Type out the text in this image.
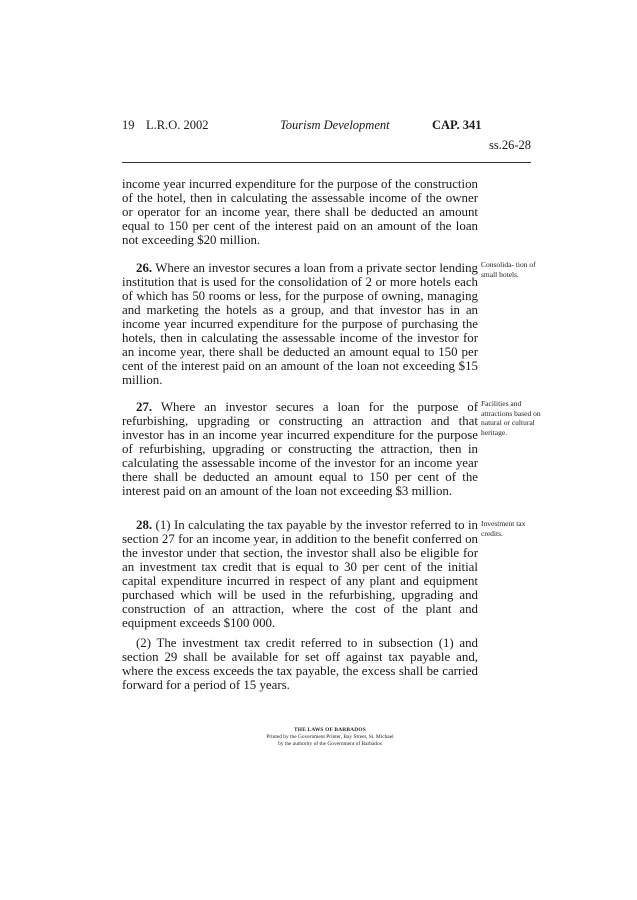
19 L.R.O. 2002	Tourism Development	CAP. 341
ss.26-28

income year incurred expenditure for the purpose of the construction of the hotel, then in calculating the assessable income of the owner or operator for an income year, there shall be deducted an amount equal to 150 per cent of the interest paid on an amount of the loan not exceeding $20 million.

26. Where an investor secures a loan from a private sector lending institution that is used for the consolidation of 2 or more hotels each of which has 50 rooms or less, for the purpose of owning, managing and marketing the hotels as a group, and that investor has in an income year incurred expenditure for the purpose of purchasing the hotels, then in calculating the assessable income of the investor for an income year, there shall be deducted an amount equal to 150 per cent of the interest paid on an amount of the loan not exceeding $15 million.

Consolida- tion of small hotels.

27. Where an investor secures a loan for the purpose of refurbishing, upgrading or constructing an attraction and that investor has in an income year incurred expenditure for the purpose of refurbishing, upgrading or constructing the attraction, then in calculating the assessable income of the investor for an income year there shall be deducted an amount equal to 150 per cent of the interest paid on an amount of the loan not exceeding $3 million.

Facilities and attractions based on natural or cultural heritage.

28. (1) In calculating the tax payable by the investor referred to in section 27 for an income year, in addition to the benefit conferred on the investor under that section, the investor shall also be eligible for an investment tax credit that is equal to 30 per cent of the initial capital expenditure incurred in respect of any plant and equipment purchased which will be used in the refurbishing, upgrading and construction of an attraction, where the cost of the plant and equipment exceeds $100 000.

(2) The investment tax credit referred to in subsection (1) and section 29 shall be available for set off against tax payable and, where the excess exceeds the tax payable, the excess shall be carried forward for a period of 15 years.

Investment tax credits.
THE LAWS OF BARBADOS
Printed by the Government Printer, Bay Street, St. Michael
by the authority of the Government of Barbados
